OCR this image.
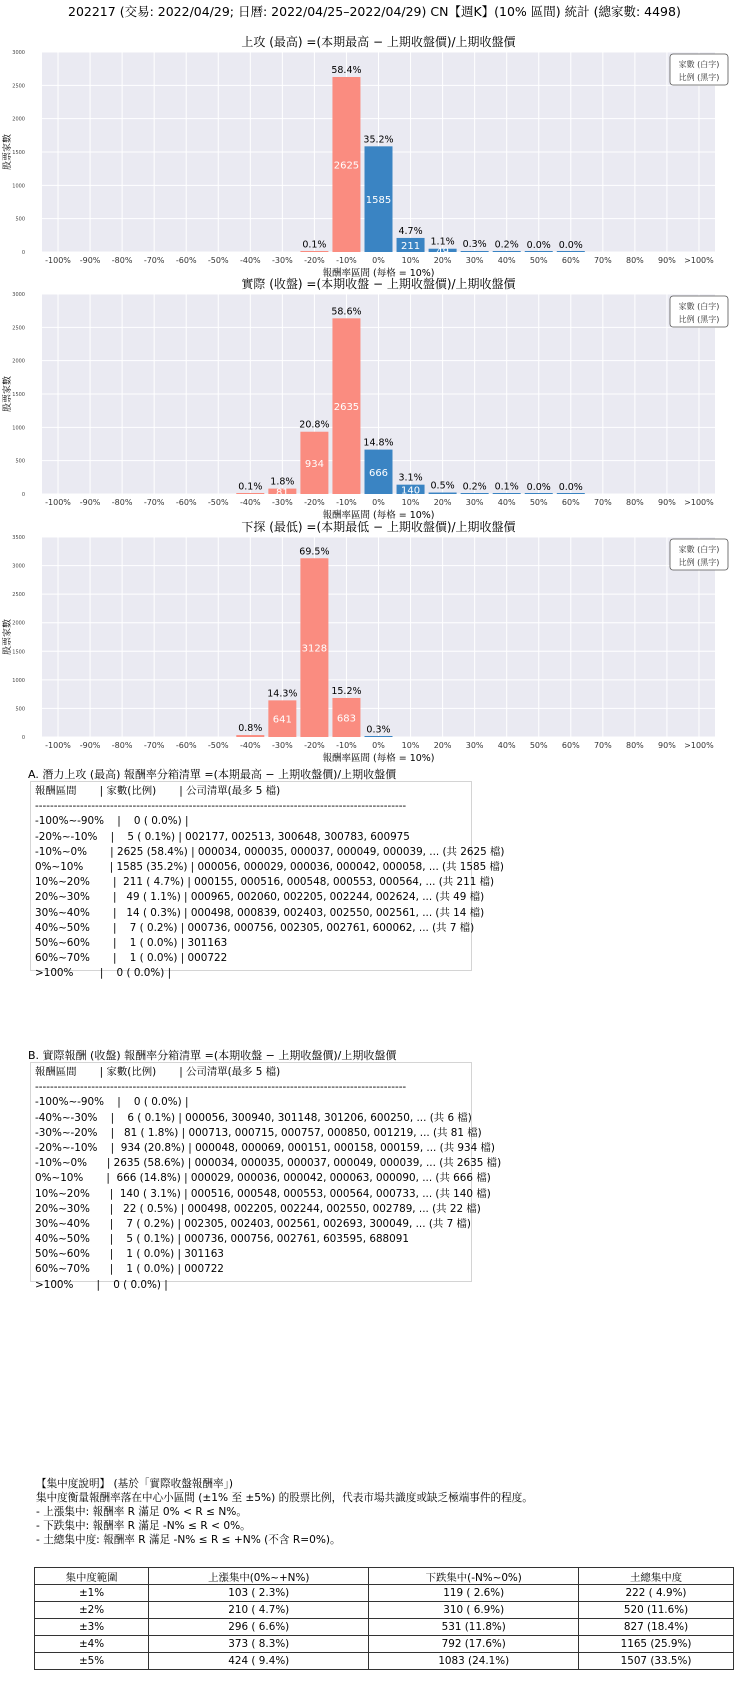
202217 (交易: 2022/04/29; 日曆: 2022/04/25–2022/04/29) CN【週K】(10% 區間) 統計 (總家數: 4498)
上攻 (最高) =(本期最高 − 上期收盤價)/上期收盤價
0
500
1000
1500
2000
2500
3000
-100% -90% -80% -70% -60% -50% -40% -30%
0.1%
-20%
2625
58.4%
-10%
1585
35.2%
0%
211
4.7%
10%
49
1.1%
20%
0.3%
30%
0.2%
40%
0.0%
50%
0.0%
60% 70% 80% 90% >100%
報酬率區間 (每格 = 10%)
股票家數
家數 (白字)
比例 (黑字)
實際 (收盤) =(本期收盤 − 上期收盤價)/上期收盤價
0
500
1000
1500
2000
2500
3000
-100% -90% -80% -70% -60% -50%
0.1%
-40%
81
1.8%
-30%
934
20.8%
-20%
2635
58.6%
-10%
666
14.8%
0%
140
3.1%
10%
0.5%
20%
0.2%
30%
0.1%
40%
0.0%
50%
0.0%
60% 70% 80% 90% >100%
報酬率區間 (每格 = 10%)
股票家數
家數 (白字)
比例 (黑字)
下探 (最低) =(本期最低 − 上期收盤價)/上期收盤價
0
500
1000
1500
2000
2500
3000
3500
-100% -90% -80% -70% -60% -50%
0.8%
-40%
641
14.3%
-30%
3128
69.5%
-20%
683
15.2%
-10%
0.3%
0% 10% 20% 30% 40% 50% 60% 70% 80% 90% >100%
報酬率區間 (每格 = 10%)
股票家數
家數 (白字)
比例 (黑字)
A. 潛力上攻 (最高) 報酬率分箱清單 =(本期最高 − 上期收盤價)/上期收盤價
報酬區間       | 家數(比例)       | 公司清單(最多 5 檔)
---------------------------------------------------------------------------------------------------
-100%~-90%    |    0 ( 0.0%) |
-20%~-10%    |    5 ( 0.1%) | 002177, 002513, 300648, 300783, 600975
-10%~0%       | 2625 (58.4%) | 000034, 000035, 000037, 000049, 000039, ... (共 2625 檔)
0%~10%        | 1585 (35.2%) | 000056, 000029, 000036, 000042, 000058, ... (共 1585 檔)
10%~20%       |  211 ( 4.7%) | 000155, 000516, 000548, 000553, 000564, ... (共 211 檔)
20%~30%       |   49 ( 1.1%) | 000965, 002060, 002205, 002244, 002624, ... (共 49 檔)
30%~40%       |   14 ( 0.3%) | 000498, 000839, 002403, 002550, 002561, ... (共 14 檔)
40%~50%       |    7 ( 0.2%) | 000736, 000756, 002305, 002761, 600062, ... (共 7 檔)
50%~60%       |    1 ( 0.0%) | 301163
60%~70%       |    1 ( 0.0%) | 000722
>100%        |    0 ( 0.0%) |
B. 實際報酬 (收盤) 報酬率分箱清單 =(本期收盤 − 上期收盤價)/上期收盤價
報酬區間       | 家數(比例)       | 公司清單(最多 5 檔)
---------------------------------------------------------------------------------------------------
-100%~-90%    |    0 ( 0.0%) |
-40%~-30%    |    6 ( 0.1%) | 000056, 300940, 301148, 301206, 600250, ... (共 6 檔)
-30%~-20%    |   81 ( 1.8%) | 000713, 000715, 000757, 000850, 001219, ... (共 81 檔)
-20%~-10%    |  934 (20.8%) | 000048, 000069, 000151, 000158, 000159, ... (共 934 檔)
-10%~0%      | 2635 (58.6%) | 000034, 000035, 000037, 000049, 000039, ... (共 2635 檔)
0%~10%       |  666 (14.8%) | 000029, 000036, 000042, 000063, 000090, ... (共 666 檔)
10%~20%      |  140 ( 3.1%) | 000516, 000548, 000553, 000564, 000733, ... (共 140 檔)
20%~30%      |   22 ( 0.5%) | 000498, 002205, 002244, 002550, 002789, ... (共 22 檔)
30%~40%      |    7 ( 0.2%) | 002305, 002403, 002561, 002693, 300049, ... (共 7 檔)
40%~50%      |    5 ( 0.1%) | 000736, 000756, 002761, 603595, 688091
50%~60%      |    1 ( 0.0%) | 301163
60%~70%      |    1 ( 0.0%) | 000722
>100%       |    0 ( 0.0%) |
【集中度說明】 (基於「實際收盤報酬率」)
集中度衡量報酬率落在中心小區間 (±1% 至 ±5%) 的股票比例，代表市場共識度或缺乏極端事件的程度。
- 上漲集中: 報酬率 R 滿足 0% < R ≤ N%。
- 下跌集中: 報酬率 R 滿足 -N% ≤ R < 0%。
- 土總集中度: 報酬率 R 滿足 -N% ≤ R ≤ +N% (不含 R=0%)。
集中度範圍	上漲集中(0%~+N%)	下跌集中(-N%~0%)	土總集中度
±1%	103 ( 2.3%)	119 ( 2.6%)	222 ( 4.9%)
±2%	210 ( 4.7%)	310 ( 6.9%)	520 (11.6%)
±3%	296 ( 6.6%)	531 (11.8%)	827 (18.4%)
±4%	373 ( 8.3%)	792 (17.6%)	1165 (25.9%)
±5%	424 ( 9.4%)	1083 (24.1%)	1507 (33.5%)
